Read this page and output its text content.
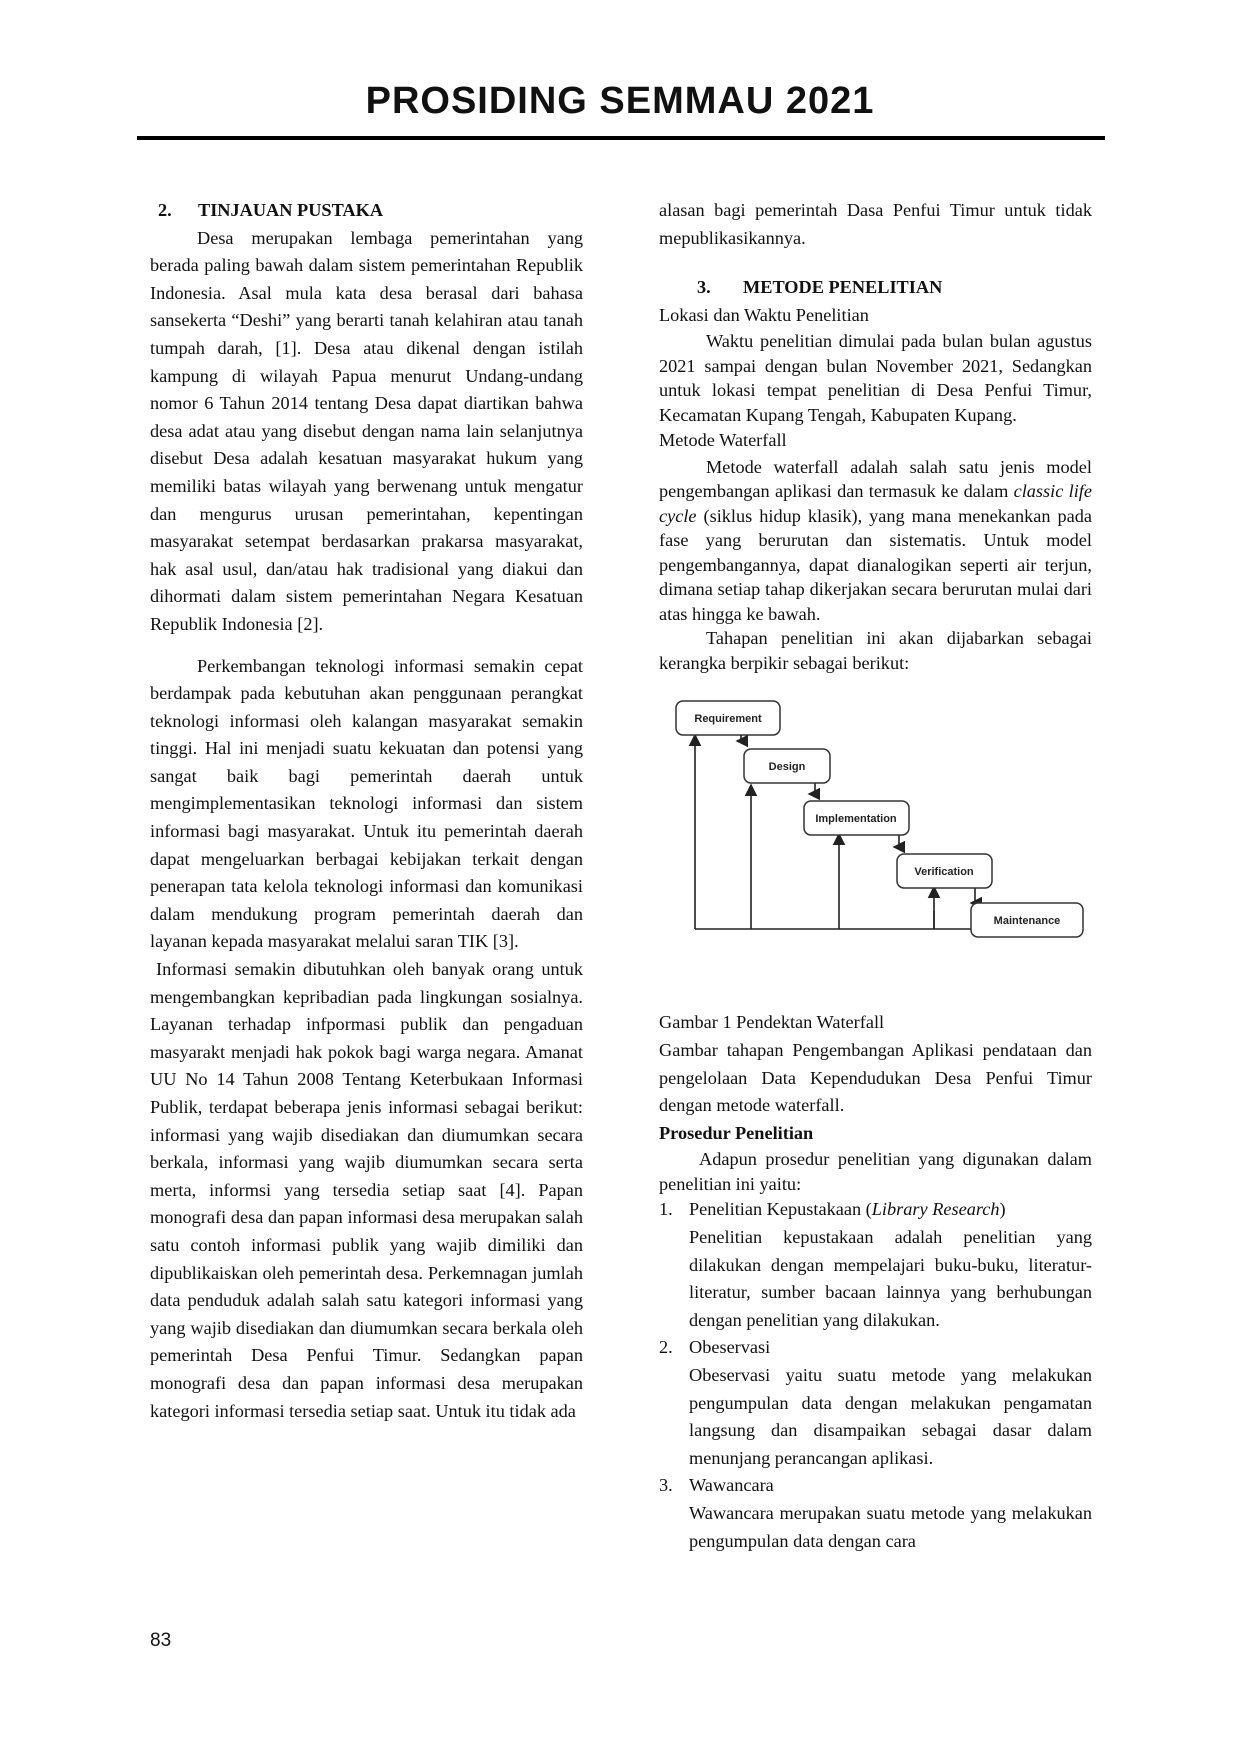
PROSIDING SEMMAU 2021

2. TINJAUAN PUSTAKA

Desa merupakan lembaga pemerintahan yang berada paling bawah dalam sistem pemerintahan Republik Indonesia. Asal mula kata desa berasal dari bahasa sansekerta “Deshi” yang berarti tanah kelahiran atau tanah tumpah darah, [1]. Desa atau dikenal dengan istilah kampung di wilayah Papua menurut Undang-undang nomor 6 Tahun 2014 tentang Desa dapat diartikan bahwa desa adat atau yang disebut dengan nama lain selanjutnya disebut Desa adalah kesatuan masyarakat hukum yang memiliki batas wilayah yang berwenang untuk mengatur dan mengurus urusan pemerintahan, kepentingan masyarakat setempat berdasarkan prakarsa masyarakat, hak asal usul, dan/atau hak tradisional yang diakui dan dihormati dalam sistem pemerintahan Negara Kesatuan Republik Indonesia [2].

Perkembangan teknologi informasi semakin cepat berdampak pada kebutuhan akan penggunaan perangkat teknologi informasi oleh kalangan masyarakat semakin tinggi. Hal ini menjadi suatu kekuatan dan potensi yang sangat baik bagi pemerintah daerah untuk mengimplementasikan teknologi informasi dan sistem informasi bagi masyarakat. Untuk itu pemerintah daerah dapat mengeluarkan berbagai kebijakan terkait dengan penerapan tata kelola teknologi informasi dan komunikasi dalam mendukung program pemerintah daerah dan layanan kepada masyarakat melalui saran TIK [3].

Informasi semakin dibutuhkan oleh banyak orang untuk mengembangkan kepribadian pada lingkungan sosialnya. Layanan terhadap infpormasi publik dan pengaduan masyarakt menjadi hak pokok bagi warga negara. Amanat UU No 14 Tahun 2008 Tentang Keterbukaan Informasi Publik, terdapat beberapa jenis informasi sebagai berikut: informasi yang wajib disediakan dan diumumkan secara berkala, informasi yang wajib diumumkan secara serta merta, informsi yang tersedia setiap saat [4]. Papan monografi desa dan papan informasi desa merupakan salah satu contoh informasi publik yang wajib dimiliki dan dipublikaiskan oleh pemerintah desa. Perkemnagan jumlah data penduduk adalah salah satu kategori informasi yang yang wajib disediakan dan diumumkan secara berkala oleh pemerintah Desa Penfui Timur. Sedangkan papan monografi desa dan papan informasi desa merupakan kategori informasi tersedia setiap saat. Untuk itu tidak ada

alasan bagi pemerintah Dasa Penfui Timur untuk tidak mepublikasikannya.

3. METODE PENELITIAN

Lokasi dan Waktu Penelitian

Waktu penelitian dimulai pada bulan bulan agustus 2021 sampai dengan bulan November 2021, Sedangkan untuk lokasi tempat penelitian di Desa Penfui Timur, Kecamatan Kupang Tengah, Kabupaten Kupang.

Metode Waterfall

Metode waterfall adalah salah satu jenis model pengembangan aplikasi dan termasuk ke dalam classic life cycle (siklus hidup klasik), yang mana menekankan pada fase yang berurutan dan sistematis. Untuk model pengembangannya, dapat dianalogikan seperti air terjun, dimana setiap tahap dikerjakan secara berurutan mulai dari atas hingga ke bawah.

Tahapan penelitian ini akan dijabarkan sebagai kerangka berpikir sebagai berikut:

Requirement
Design
Implementation
Verification
Maintenance

Gambar 1 Pendektan Waterfall

Gambar tahapan Pengembangan Aplikasi pendataan dan pengelolaan Data Kependudukan Desa Penfui Timur dengan metode waterfall.

Prosedur Penelitian

Adapun prosedur penelitian yang digunakan dalam penelitian ini yaitu:

1. Penelitian Kepustakaan (Library Research)

Penelitian kepustakaan adalah penelitian yang dilakukan dengan mempelajari buku-buku, literatur-literatur, sumber bacaan lainnya yang berhubungan dengan penelitian yang dilakukan.

2. Obeservasi

Obeservasi yaitu suatu metode yang melakukan pengumpulan data dengan melakukan pengamatan langsung dan disampaikan sebagai dasar dalam menunjang perancangan aplikasi.

3. Wawancara

Wawancara merupakan suatu metode yang melakukan pengumpulan data dengan cara

83
